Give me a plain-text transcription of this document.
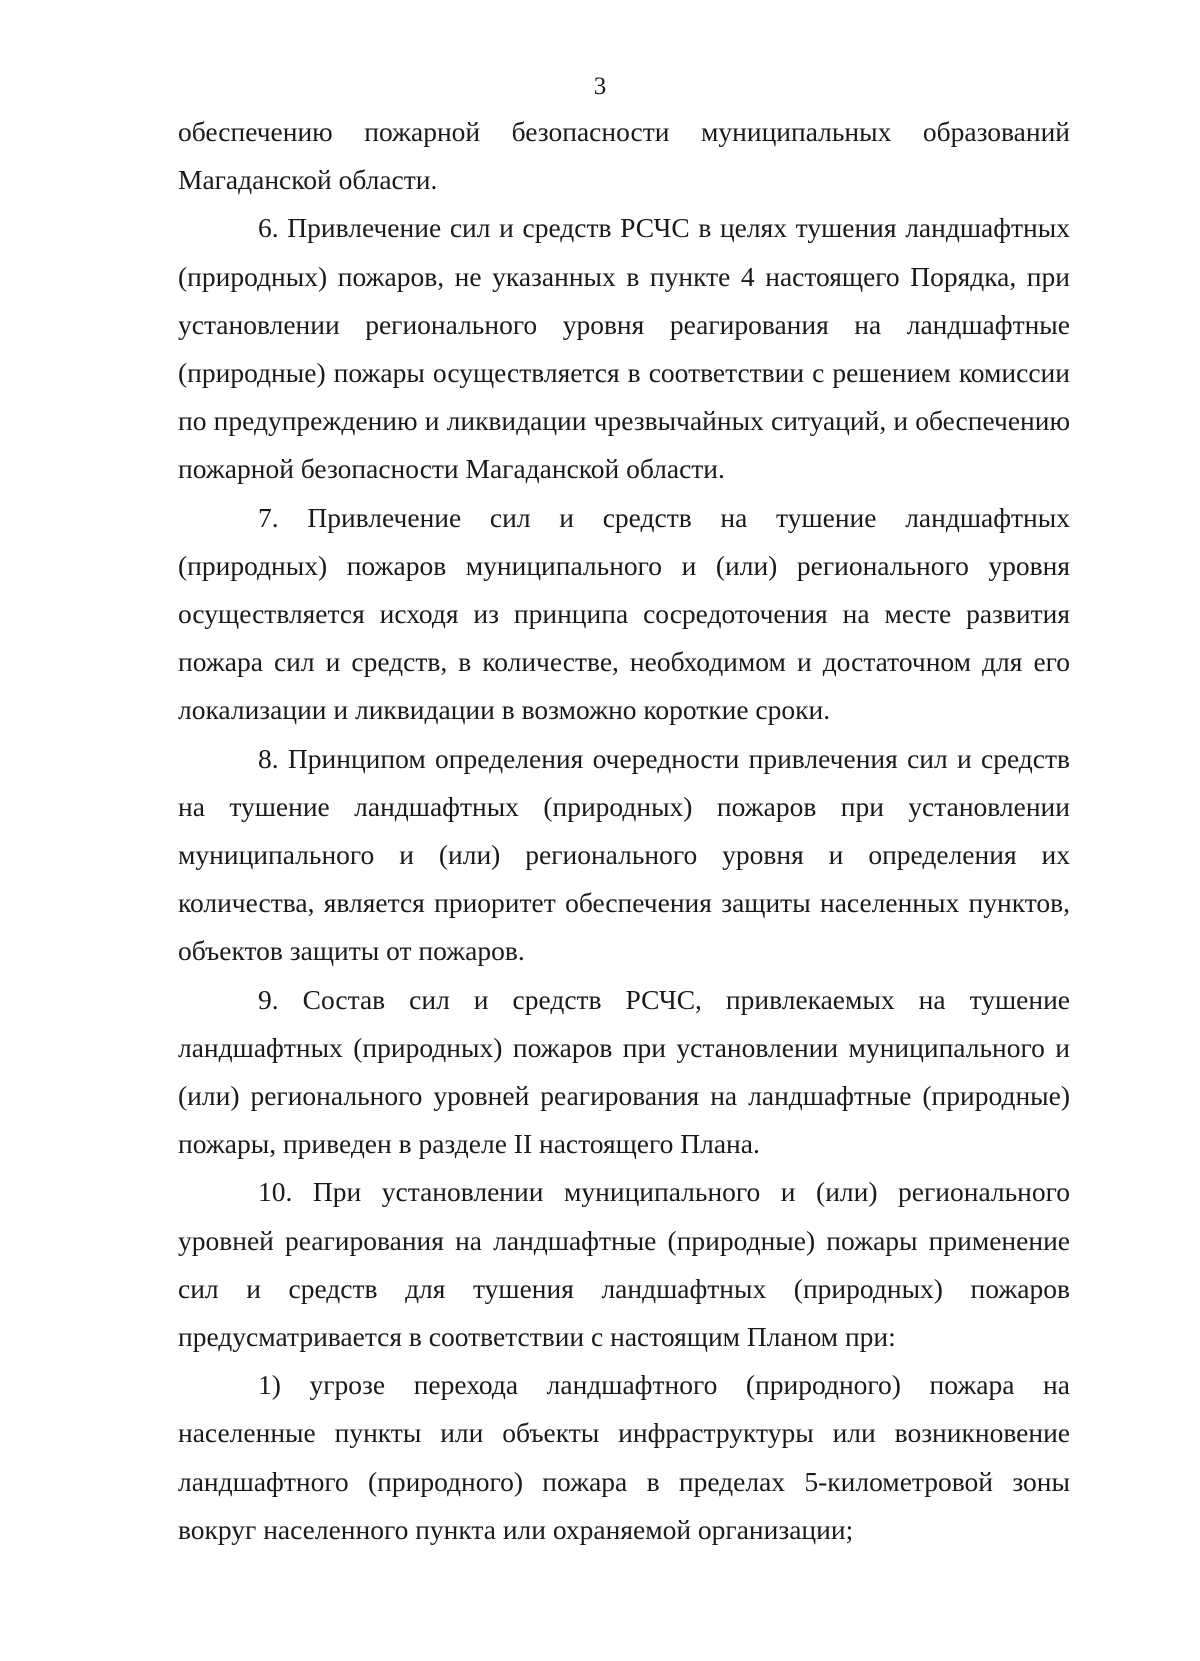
3

обеспечению пожарной безопасности муниципальных образований Магаданской области.

6. Привлечение сил и средств РСЧС в целях тушения ландшафтных (природных) пожаров, не указанных в пункте 4 настоящего Порядка, при установлении регионального уровня реагирования на ландшафтные (природные) пожары осуществляется в соответствии с решением комиссии по предупреждению и ликвидации чрезвычайных ситуаций, и обеспечению пожарной безопасности Магаданской области.

7. Привлечение сил и средств на тушение ландшафтных (природных) пожаров муниципального и (или) регионального уровня осуществляется исходя из принципа сосредоточения на месте развития пожара сил и средств, в количестве, необходимом и достаточном для его локализации и ликвидации в возможно короткие сроки.

8. Принципом определения очередности привлечения сил и средств на тушение ландшафтных (природных) пожаров при установлении муниципального и (или) регионального уровня и определения их количества, является приоритет обеспечения защиты населенных пунктов, объектов защиты от пожаров.

9. Состав сил и средств РСЧС, привлекаемых на тушение ландшафтных (природных) пожаров при установлении муниципального и (или) регионального уровней реагирования на ландшафтные (природные) пожары, приведен в разделе II настоящего Плана.

10. При установлении муниципального и (или) регионального уровней реагирования на ландшафтные (природные) пожары применение сил и средств для тушения ландшафтных (природных) пожаров предусматривается в соответствии с настоящим Планом при:

1) угрозе перехода ландшафтного (природного) пожара на населенные пункты или объекты инфраструктуры или возникновение ландшафтного (природного) пожара в пределах 5-километровой зоны вокруг населенного пункта или охраняемой организации;
